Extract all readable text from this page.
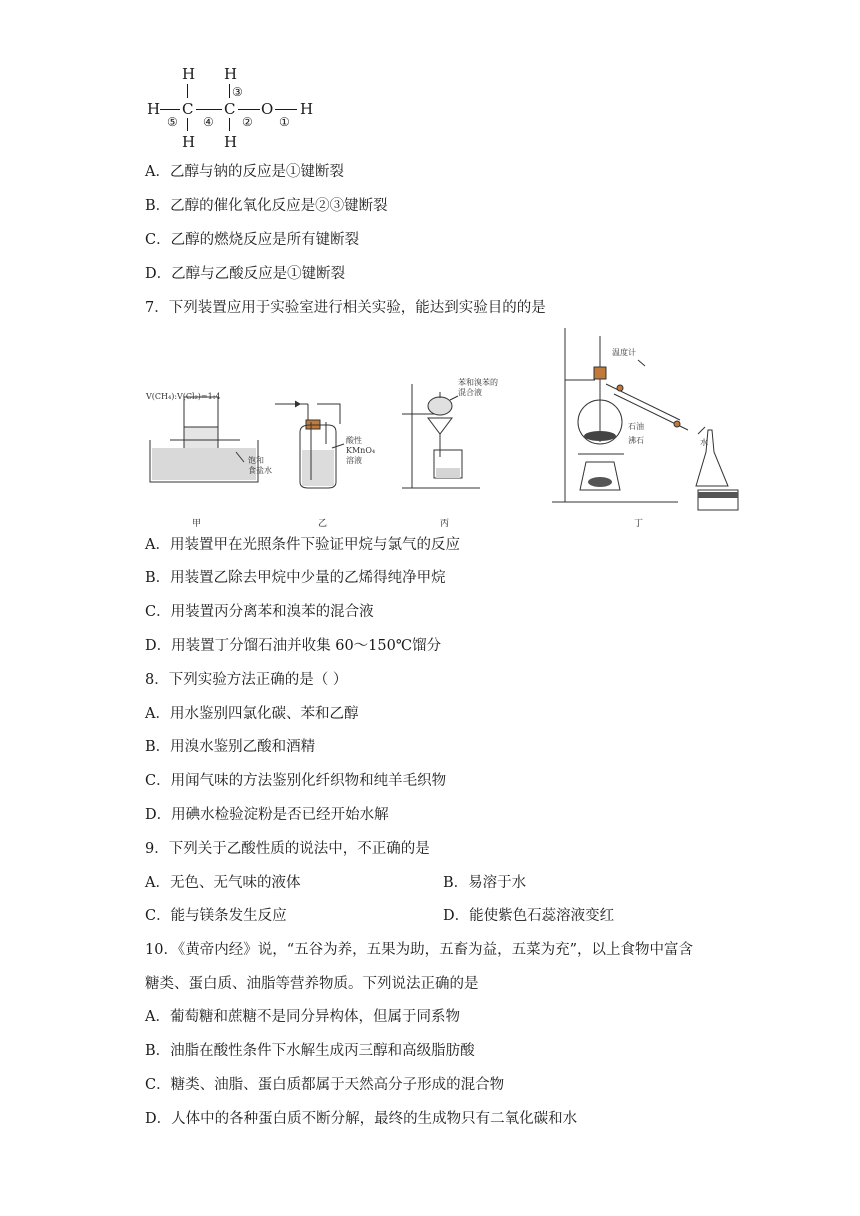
H H
③
H C C O H
⑤ ④ ② ①
H H
A．乙醇与钠的反应是①键断裂
B．乙醇的催化氧化反应是②③键断裂
C．乙醇的燃烧反应是所有键断裂
D．乙醇与乙酸反应是①键断裂
7．下列装置应用于实验室进行相关实验，能达到实验目的的是
V(CH₄):V(Cl₂)=1:4
饱和
食盐水
酸性
KMnO₄
溶液
苯和溴苯的
混合液
温度计
石油
沸石	水
甲	乙	丙	丁
A．用装置甲在光照条件下验证甲烷与氯气的反应
B．用装置乙除去甲烷中少量的乙烯得纯净甲烷
C．用装置丙分离苯和溴苯的混合液
D．用装置丁分馏石油并收集 60～150℃馏分
8．下列实验方法正确的是（ ）
A．用水鉴别四氯化碳、苯和乙醇
B．用溴水鉴别乙酸和酒精
C．用闻气味的方法鉴别化纤织物和纯羊毛织物
D．用碘水检验淀粉是否已经开始水解
9．下列关于乙酸性质的说法中，不正确的是
A．无色、无气味的液体	B．易溶于水
C．能与镁条发生反应	D．能使紫色石蕊溶液变红
10．《黄帝内经》说，“五谷为养，五果为助，五畜为益，五菜为充”，以上食物中富含
糖类、蛋白质、油脂等营养物质。下列说法正确的是
A．葡萄糖和蔗糖不是同分异构体，但属于同系物
B．油脂在酸性条件下水解生成丙三醇和高级脂肪酸
C．糖类、油脂、蛋白质都属于天然高分子形成的混合物
D．人体中的各种蛋白质不断分解，最终的生成物只有二氧化碳和水
